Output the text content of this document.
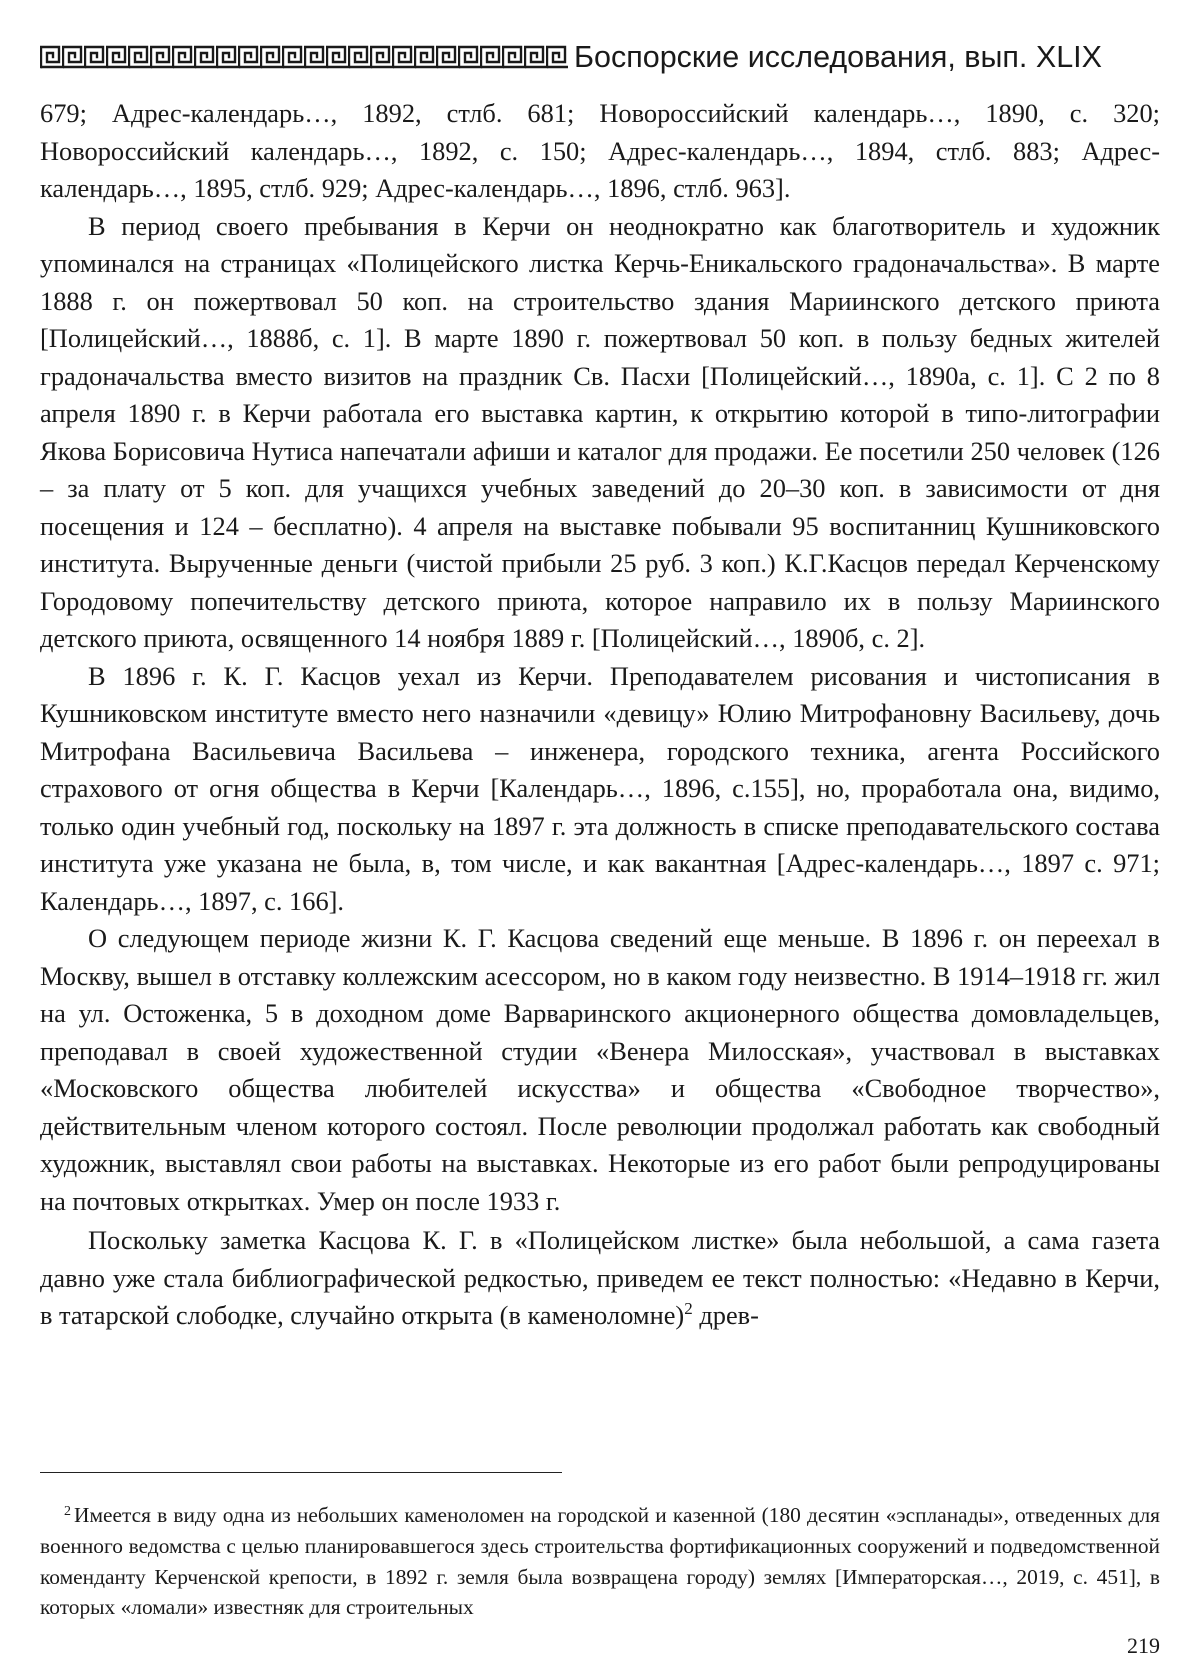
Боспорские исследования, вып. XLIX

679; Адрес-календарь…, 1892, стлб. 681; Новороссийский календарь…, 1890, с. 320; Новороссийский календарь…, 1892, с. 150; Адрес-календарь…, 1894, стлб. 883; Адрес-календарь…, 1895, стлб. 929; Адрес-календарь…, 1896, стлб. 963].

В период своего пребывания в Керчи он неоднократно как благотворитель и художник упоминался на страницах «Полицейского листка Керчь-Еникальского градоначальства». В марте 1888 г. он пожертвовал 50 коп. на строительство здания Мариинского детского приюта [Полицейский…, 1888б, с. 1]. В марте 1890 г. пожертвовал 50 коп. в пользу бедных жителей градоначальства вместо визитов на праздник Св. Пасхи [Полицейский…, 1890а, с. 1]. С 2 по 8 апреля 1890 г. в Керчи работала его выставка картин, к открытию которой в типо-литографии Якова Борисовича Нутиса напечатали афиши и каталог для продажи. Ее посетили 250 человек (126 – за плату от 5 коп. для учащихся учебных заведений до 20–30 коп. в зависимости от дня посещения и 124 – бесплатно). 4 апреля на выставке побывали 95 воспитанниц Кушниковского института. Вырученные деньги (чистой прибыли 25 руб. 3 коп.) К.Г.Касцов передал Керченскому Городовому попечительству детского приюта, которое направило их в пользу Мариинского детского приюта, освященного 14 ноября 1889 г. [Полицейский…, 1890б, с. 2].

В 1896 г. К. Г. Касцов уехал из Керчи. Преподавателем рисования и чистописания в Кушниковском институте вместо него назначили «девицу» Юлию Митрофановну Васильеву, дочь Митрофана Васильевича Васильева – инженера, городского техника, агента Российского страхового от огня общества в Керчи [Календарь…, 1896, с.155], но, проработала она, видимо, только один учебный год, поскольку на 1897 г. эта должность в списке преподавательского состава института уже указана не была, в, том числе, и как вакантная [Адрес-календарь…, 1897 с. 971; Календарь…, 1897, с. 166].

О следующем периоде жизни К. Г. Касцова сведений еще меньше. В 1896 г. он переехал в Москву, вышел в отставку коллежским асессором, но в каком году неизвестно. В 1914–1918 гг. жил на ул. Остоженка, 5 в доходном доме Варваринского акционерного общества домовладельцев, преподавал в своей художественной студии «Венера Милосская», участвовал в выставках «Московского общества любителей искусства» и общества «Свободное творчество», действительным членом которого состоял. После революции продолжал работать как свободный художник, выставлял свои работы на выставках. Некоторые из его работ были репродуцированы на почтовых открытках. Умер он после 1933 г.

Поскольку заметка Касцова К. Г. в «Полицейском листке» была небольшой, а сама газета давно уже стала библиографической редкостью, приведем ее текст полностью: «Недавно в Керчи, в татарской слободке, случайно открыта (в каменоломне)$^2$ древ-

$^2$ Имеется в виду одна из небольших каменоломен на городской и казенной (180 десятин «эспланады», отведенных для военного ведомства с целью планировавшегося здесь строительства фортификационных сооружений и подведомственной коменданту Керченской крепости, в 1892 г. земля была возвращена городу) землях [Императорская…, 2019, с. 451], в которых «ломали» известняк для строительных

219
